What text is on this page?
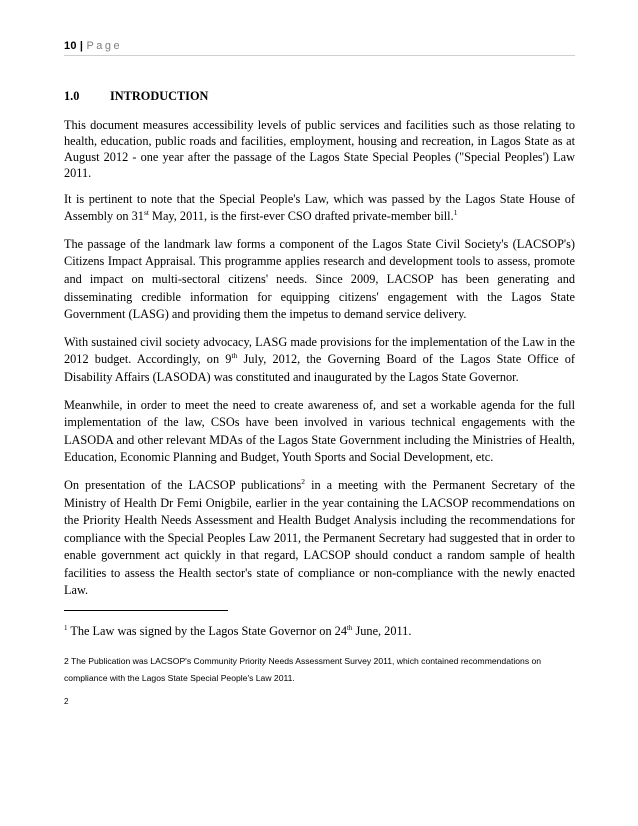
10 | Page
1.0	INTRODUCTION

This document measures accessibility levels of public services and facilities such as those relating to health, education, public roads and facilities, employment, housing and recreation, in Lagos State as at August 2012 - one year after the passage of the Lagos State Special Peoples ("Special Peoples') Law 2011.

It is pertinent to note that the Special People's Law, which was passed by the Lagos State House of Assembly on 31st May, 2011, is the first-ever CSO drafted private-member bill.$^1$

The passage of the landmark law forms a component of the Lagos State Civil Society's (LACSOP's) Citizens Impact Appraisal. This programme applies research and development tools to assess, promote and impact on multi-sectoral citizens' needs. Since 2009, LACSOP has been generating and disseminating credible information for equipping citizens' engagement with the Lagos State Government (LASG) and providing them the impetus to demand service delivery.

With sustained civil society advocacy, LASG made provisions for the implementation of the Law in the 2012 budget. Accordingly, on 9th July, 2012, the Governing Board of the Lagos State Office of Disability Affairs (LASODA) was constituted and inaugurated by the Lagos State Governor.

Meanwhile, in order to meet the need to create awareness of, and set a workable agenda for the full implementation of the law, CSOs have been involved in various technical engagements with the LASODA and other relevant MDAs of the Lagos State Government including the Ministries of Health, Education, Economic Planning and Budget, Youth Sports and Social Development, etc.

On presentation of the LACSOP publications$^2$ in a meeting with the Permanent Secretary of the Ministry of Health Dr Femi Onigbile, earlier in the year containing the LACSOP recommendations on the Priority Health Needs Assessment and Health Budget Analysis including the recommendations for compliance with the Special Peoples Law 2011, the Permanent Secretary had suggested that in order to enable government act quickly in that regard, LACSOP should conduct a random sample of health facilities to assess the Health sector's state of compliance or non-compliance with the newly enacted Law.

$^1$ The Law was signed by the Lagos State Governor on 24th June, 2011.

2 The Publication was LACSOP's Community Priority Needs Assessment Survey 2011, which contained recommendations on compliance with the Lagos State Special People's Law 2011.

2
